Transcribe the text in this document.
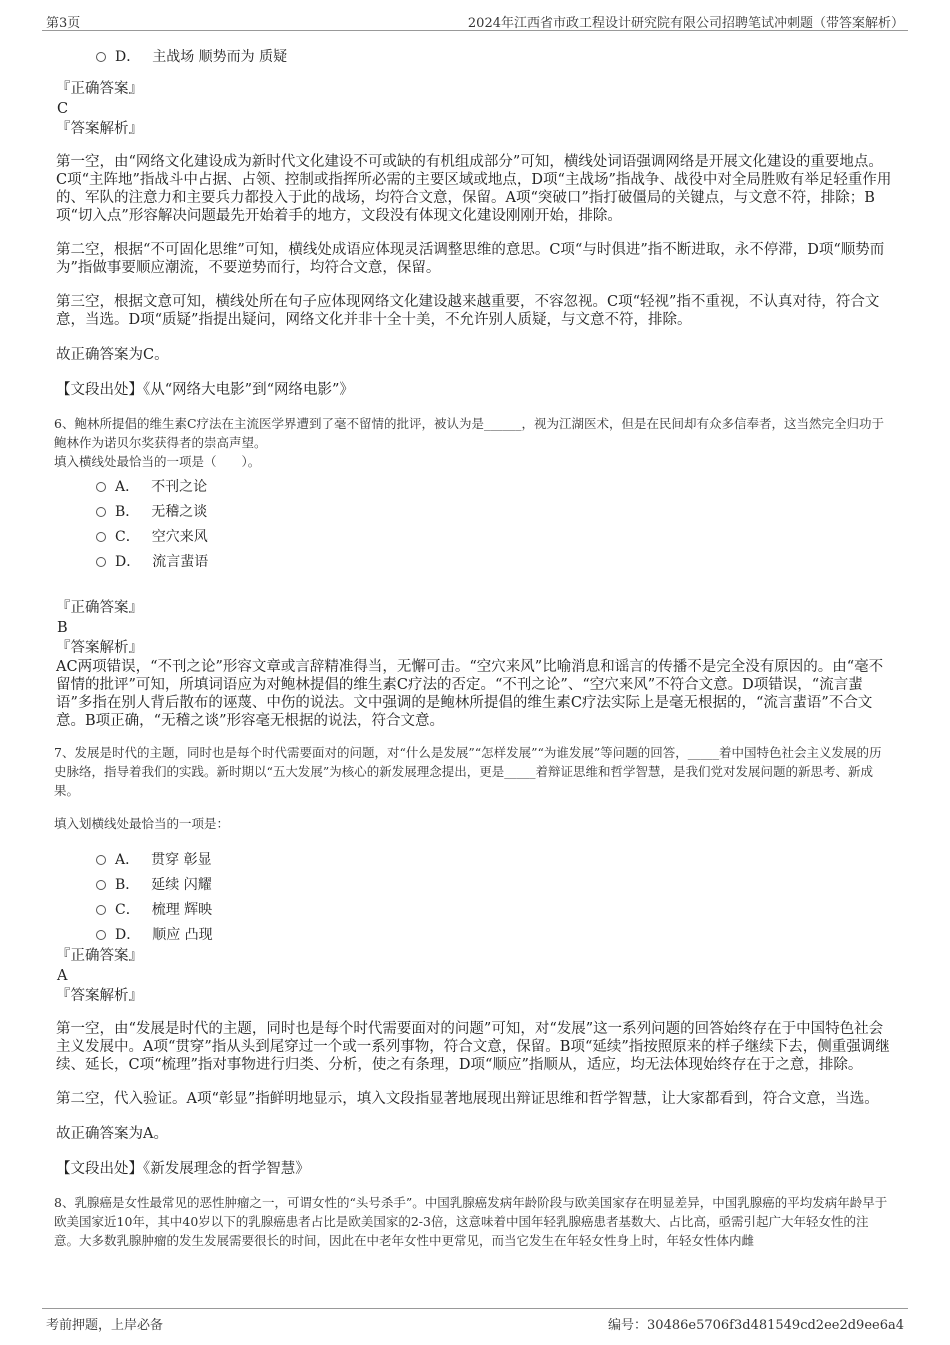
第3页	2024年江西省市政工程设计研究院有限公司招聘笔试冲刺题（带答案解析）
D． 主战场 顺势而为 质疑
『正确答案』
C
『答案解析』

第一空，由“网络文化建设成为新时代文化建设不可或缺的有机组成部分”可知，横线处词语强调网络是开展文化建设的重要地点。C项“主阵地”指战斗中占据、占领、控制或指挥所必需的主要区域或地点，D项“主战场”指战争、战役中对全局胜败有举足轻重作用的、军队的注意力和主要兵力都投入于此的战场，均符合文意，保留。A项“突破口”指打破僵局的关键点，与文意不符，排除；B项“切入点”形容解决问题最先开始着手的地方，文段没有体现文化建设刚刚开始，排除。

第二空，根据“不可固化思维”可知，横线处成语应体现灵活调整思维的意思。C项“与时俱进”指不断进取，永不停滞，D项“顺势而为”指做事要顺应潮流，不要逆势而行，均符合文意，保留。

第三空，根据文意可知，横线处所在句子应体现网络文化建设越来越重要，不容忽视。C项“轻视”指不重视，不认真对待，符合文意，当选。D项“质疑”指提出疑问，网络文化并非十全十美，不允许别人质疑，与文意不符，排除。

故正确答案为C。

【文段出处】《从“网络大电影”到“网络电影”》

6、鲍林所提倡的维生素C疗法在主流医学界遭到了毫不留情的批评，被认为是______，视为江湖医术，但是在民间却有众多信奉者，这当然完全归功于鲍林作为诺贝尔奖获得者的崇高声望。

填入横线处最恰当的一项是（　　）。

A． 不刊之论
B． 无稽之谈
C． 空穴来风
D． 流言蜚语
『正确答案』
B
『答案解析』

AC两项错误，“不刊之论”形容文章或言辞精准得当，无懈可击。“空穴来风”比喻消息和谣言的传播不是完全没有原因的。由“毫不留情的批评”可知，所填词语应为对鲍林提倡的维生素C疗法的否定。“不刊之论”、“空穴来风”不符合文意。D项错误，“流言蜚语”多指在别人背后散布的诬蔑、中伤的说法。文中强调的是鲍林所提倡的维生素C疗法实际上是毫无根据的，“流言蜚语”不合文意。B项正确，“无稽之谈”形容毫无根据的说法，符合文意。

7、发展是时代的主题，同时也是每个时代需要面对的问题，对“什么是发展”“怎样发展”“为谁发展”等问题的回答，_____着中国特色社会主义发展的历史脉络，指导着我们的实践。新时期以“五大发展”为核心的新发展理念提出，更是_____着辩证思维和哲学智慧，是我们党对发展问题的新思考、新成果。

填入划横线处最恰当的一项是：

A． 贯穿 彰显
B． 延续 闪耀
C． 梳理 辉映
D． 顺应 凸现
『正确答案』
A
『答案解析』

第一空，由“发展是时代的主题，同时也是每个时代需要面对的问题”可知，对“发展”这一系列问题的回答始终存在于中国特色社会主义发展中。A项“贯穿”指从头到尾穿过一个或一系列事物，符合文意，保留。B项“延续”指按照原来的样子继续下去，侧重强调继续、延长，C项“梳理”指对事物进行归类、分析，使之有条理，D项“顺应”指顺从，适应，均无法体现始终存在于之意，排除。

第二空，代入验证。A项“彰显”指鲜明地显示，填入文段指显著地展现出辩证思维和哲学智慧，让大家都看到，符合文意，当选。

故正确答案为A。

【文段出处】《新发展理念的哲学智慧》

8、乳腺癌是女性最常见的恶性肿瘤之一，可谓女性的“头号杀手”。中国乳腺癌发病年龄阶段与欧美国家存在明显差异，中国乳腺癌的平均发病年龄早于欧美国家近10年，其中40岁以下的乳腺癌患者占比是欧美国家的2-3倍，这意味着中国年轻乳腺癌患者基数大、占比高，亟需引起广大年轻女性的注意。大多数乳腺肿瘤的发生发展需要很长的时间，因此在中老年女性中更常见，而当它发生在年轻女性身上时，年轻女性体内雌

考前押题，上岸必备	编号：30486e5706f3d481549cd2ee2d9ee6a4
